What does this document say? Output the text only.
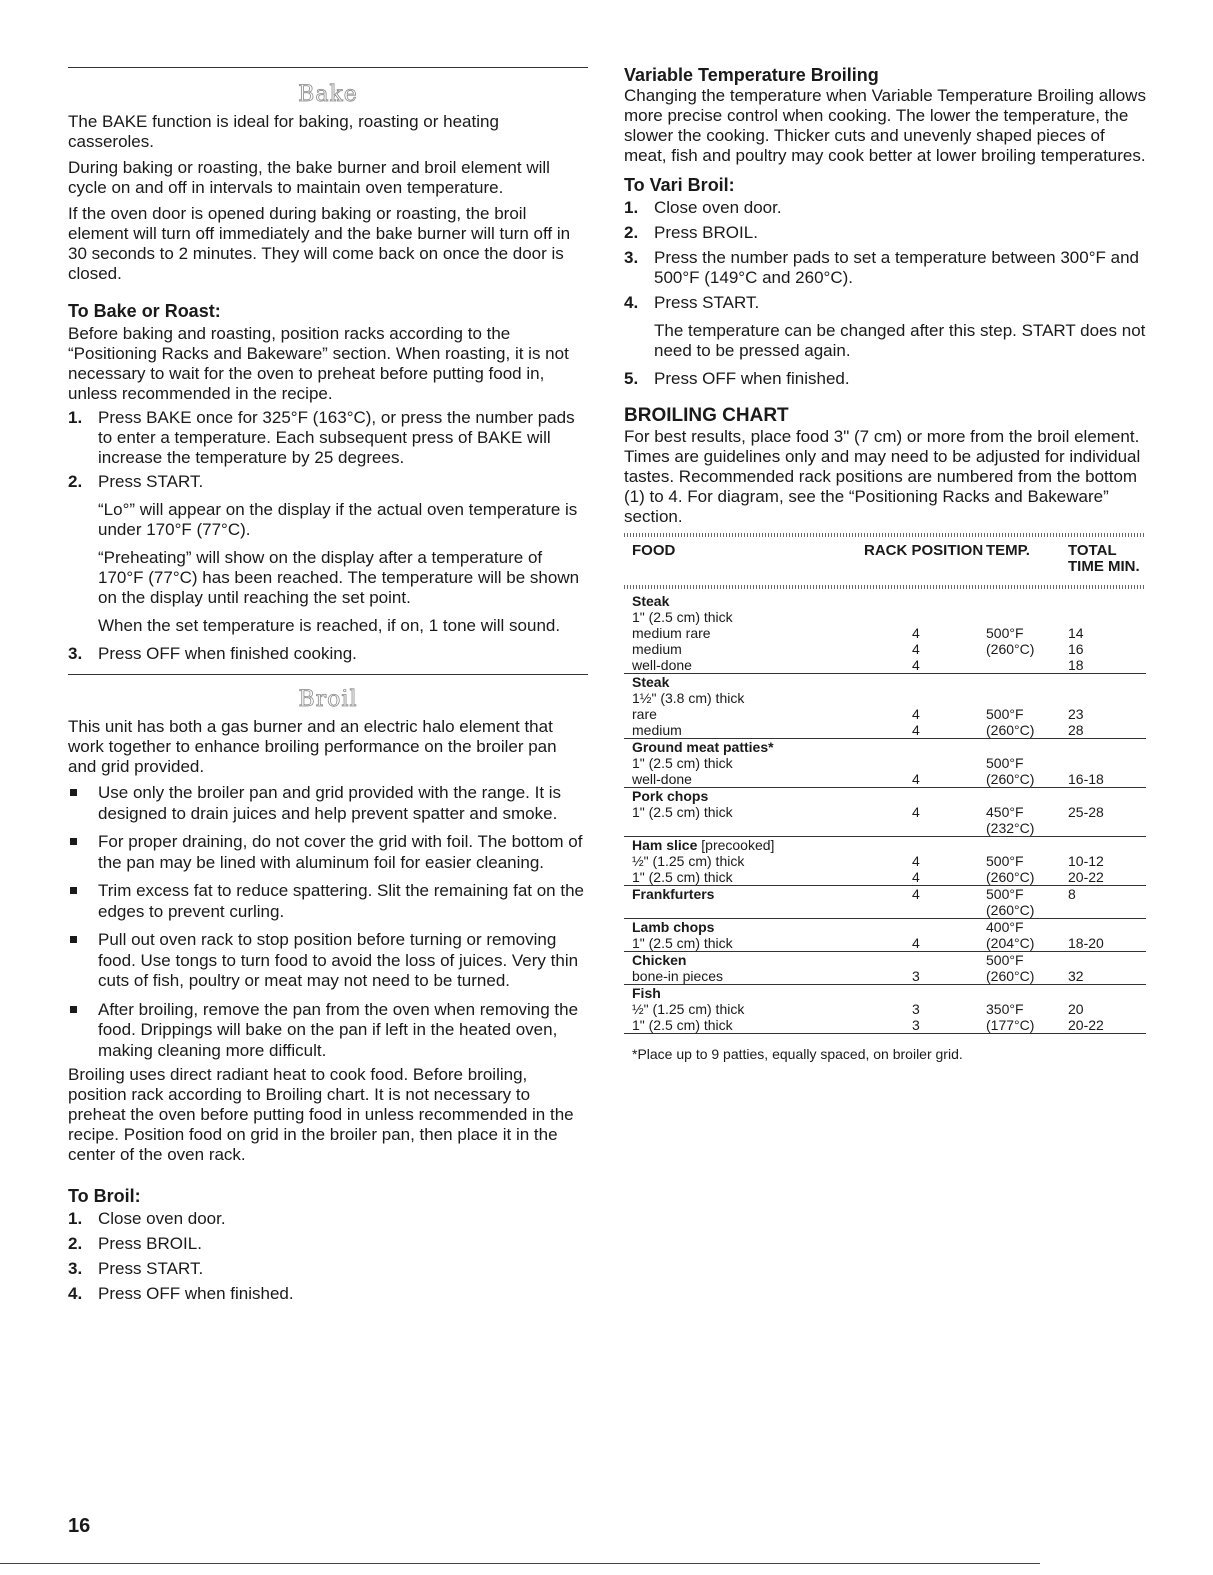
Bake

The BAKE function is ideal for baking, roasting or heating casseroles.

During baking or roasting, the bake burner and broil element will cycle on and off in intervals to maintain oven temperature.

If the oven door is opened during baking or roasting, the broil element will turn off immediately and the bake burner will turn off in 30 seconds to 2 minutes. They will come back on once the door is closed.

To Bake or Roast:

Before baking and roasting, position racks according to the “Positioning Racks and Bakeware” section. When roasting, it is not necessary to wait for the oven to preheat before putting food in, unless recommended in the recipe.

1. Press BAKE once for 325°F (163°C), or press the number pads to enter a temperature. Each subsequent press of BAKE will increase the temperature by 25 degrees.
2. Press START.
“Lo°” will appear on the display if the actual oven temperature is under 170°F (77°C).
“Preheating” will show on the display after a temperature of 170°F (77°C) has been reached. The temperature will be shown on the display until reaching the set point.
When the set temperature is reached, if on, 1 tone will sound.
3. Press OFF when finished cooking.
Broil

This unit has both a gas burner and an electric halo element that work together to enhance broiling performance on the broiler pan and grid provided.

Use only the broiler pan and grid provided with the range. It is designed to drain juices and help prevent spatter and smoke.
For proper draining, do not cover the grid with foil. The bottom of the pan may be lined with aluminum foil for easier cleaning.
Trim excess fat to reduce spattering. Slit the remaining fat on the edges to prevent curling.
Pull out oven rack to stop position before turning or removing food. Use tongs to turn food to avoid the loss of juices. Very thin cuts of fish, poultry or meat may not need to be turned.
After broiling, remove the pan from the oven when removing the food. Drippings will bake on the pan if left in the heated oven, making cleaning more difficult.

Broiling uses direct radiant heat to cook food. Before broiling, position rack according to Broiling chart. It is not necessary to preheat the oven before putting food in unless recommended in the recipe. Position food on grid in the broiler pan, then place it in the center of the oven rack.

To Broil:
1. Close oven door.
2. Press BROIL.
3. Press START.
4. Press OFF when finished.
Variable Temperature Broiling

Changing the temperature when Variable Temperature Broiling allows more precise control when cooking. The lower the temperature, the slower the cooking. Thicker cuts and unevenly shaped pieces of meat, fish and poultry may cook better at lower broiling temperatures.

To Vari Broil:
1. Close oven door.
2. Press BROIL.
3. Press the number pads to set a temperature between 300°F and 500°F (149°C and 260°C).
4. Press START.
The temperature can be changed after this step. START does not need to be pressed again.
5. Press OFF when finished.
BROILING CHART

For best results, place food 3" (7 cm) or more from the broil element. Times are guidelines only and may need to be adjusted for individual tastes. Recommended rack positions are numbered from the bottom (1) to 4. For diagram, see the “Positioning Racks and Bakeware” section.

FOOD	RACK POSITION	TEMP.	TOTAL TIME MIN.

Steak			
1" (2.5 cm) thick			
medium rare	4	500°F	14
medium	4	(260°C)	16
well-done	4		18
Steak			
1½" (3.8 cm) thick			
rare	4	500°F	23
medium	4	(260°C)	28
Ground meat patties*			
1" (2.5 cm) thick		500°F	
well-done	4	(260°C)	16-18
Pork chops			
1" (2.5 cm) thick	4	450°F	25-28
		(232°C)	
Ham slice [precooked]			
½" (1.25 cm) thick	4	500°F	10-12
1" (2.5 cm) thick	4	(260°C)	20-22
Frankfurters	4	500°F	8
		(260°C)	
Lamb chops		400°F	
1" (2.5 cm) thick	4	(204°C)	18-20
Chicken		500°F	
bone-in pieces	3	(260°C)	32
Fish			
½" (1.25 cm) thick	3	350°F	20
1" (2.5 cm) thick	3	(177°C)	20-22

*Place up to 9 patties, equally spaced, on broiler grid.

16
